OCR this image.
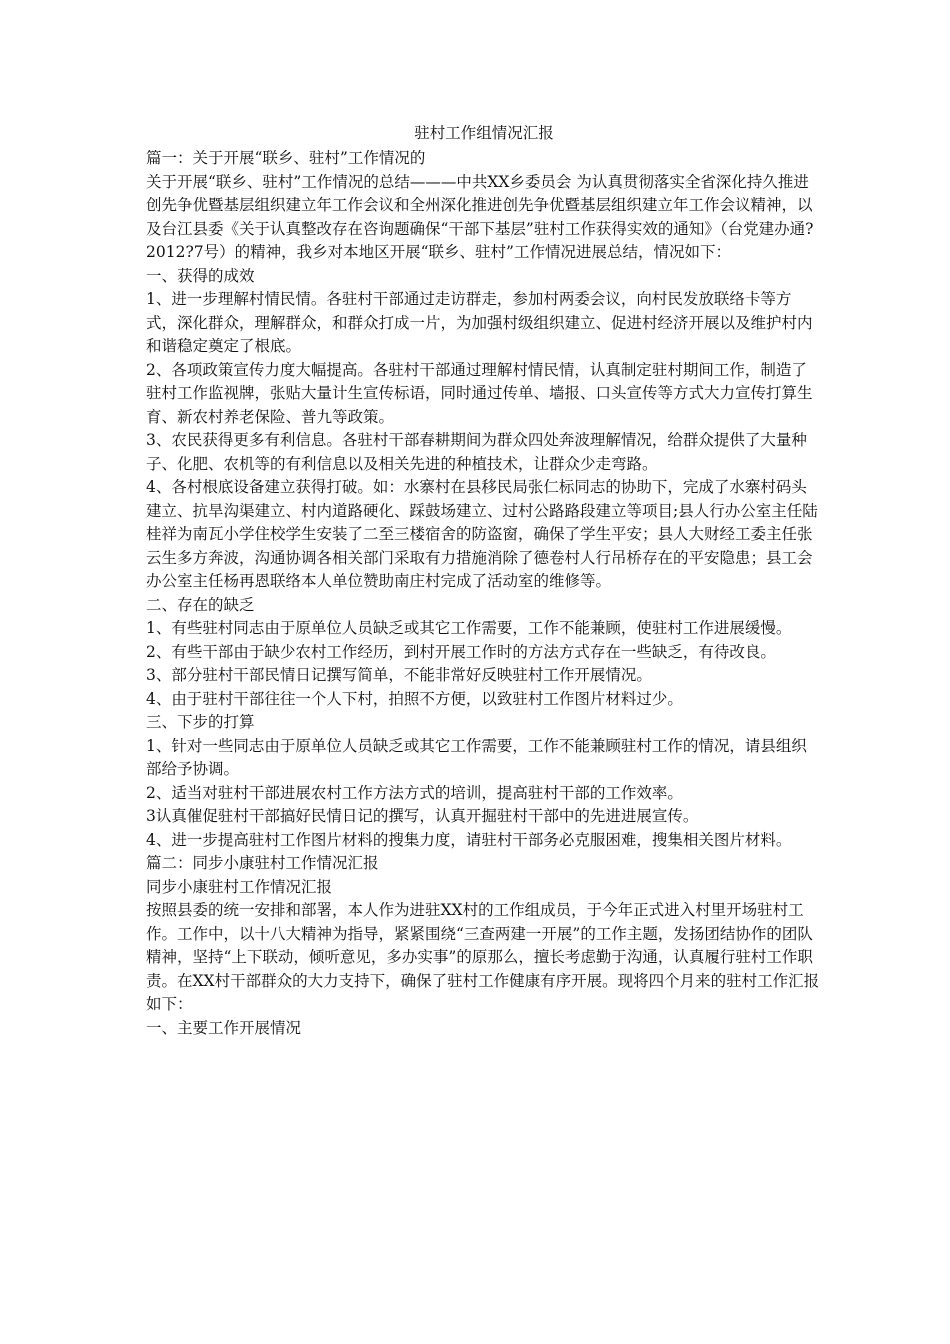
驻村工作组情况汇报

篇一：关于开展“联乡、驻村”工作情况的

关于开展“联乡、驻村”工作情况的总结———中共XX乡委员会 为认真贯彻落实全省深化持久推进创先争优暨基层组织建立年工作会议和全州深化推进创先争优暨基层组织建立年工作会议精神，以及台江县委《关于认真整改存在咨询题确保“干部下基层”驻村工作获得实效的通知》（台党建办通?2012?7号）的精神，我乡对本地区开展“联乡、驻村”工作情况进展总结，情况如下：

一、获得的成效

1、进一步理解村情民情。各驻村干部通过走访群走，参加村两委会议，向村民发放联络卡等方式，深化群众，理解群众，和群众打成一片，为加强村级组织建立、促进村经济开展以及维护村内和谐稳定奠定了根底。

2、各项政策宣传力度大幅提高。各驻村干部通过理解村情民情，认真制定驻村期间工作，制造了驻村工作监视牌，张贴大量计生宣传标语，同时通过传单、墙报、口头宣传等方式大力宣传打算生育、新农村养老保险、普九等政策。

3、农民获得更多有利信息。各驻村干部春耕期间为群众四处奔波理解情况，给群众提供了大量种子、化肥、农机等的有利信息以及相关先进的种植技术，让群众少走弯路。

4、各村根底设备建立获得打破。如：水寨村在县移民局张仁标同志的协助下，完成了水寨村码头建立、抗旱沟渠建立、村内道路硬化、踩鼓场建立、过村公路路段建立等项目;县人行办公室主任陆桂祥为南瓦小学住校学生安装了二至三楼宿舍的防盗窗，确保了学生平安；县人大财经工委主任张云生多方奔波，沟通协调各相关部门采取有力措施消除了德卷村人行吊桥存在的平安隐患；县工会办公室主任杨再恩联络本人单位赞助南庄村完成了活动室的维修等。

二、存在的缺乏

1、有些驻村同志由于原单位人员缺乏或其它工作需要，工作不能兼顾，使驻村工作进展缓慢。

2、有些干部由于缺少农村工作经历，到村开展工作时的方法方式存在一些缺乏，有待改良。

3、部分驻村干部民情日记撰写简单，不能非常好反映驻村工作开展情况。

4、由于驻村干部往往一个人下村，拍照不方便，以致驻村工作图片材料过少。

三、下步的打算

1、针对一些同志由于原单位人员缺乏或其它工作需要，工作不能兼顾驻村工作的情况，请县组织部给予协调。

2、适当对驻村干部进展农村工作方法方式的培训，提高驻村干部的工作效率。

3认真催促驻村干部搞好民情日记的撰写，认真开掘驻村干部中的先进进展宣传。

4、进一步提高驻村工作图片材料的搜集力度，请驻村干部务必克服困难，搜集相关图片材料。

篇二：同步小康驻村工作情况汇报

同步小康驻村工作情况汇报

按照县委的统一安排和部署，本人作为进驻XX村的工作组成员，于今年正式进入村里开场驻村工作。工作中，以十八大精神为指导，紧紧围绕“三查两建一开展”的工作主题，发扬团结协作的团队精神，坚持“上下联动，倾听意见，多办实事”的原那么，擅长考虑勤于沟通，认真履行驻村工作职责。在XX村干部群众的大力支持下，确保了驻村工作健康有序开展。现将四个月来的驻村工作汇报如下：

一、主要工作开展情况
